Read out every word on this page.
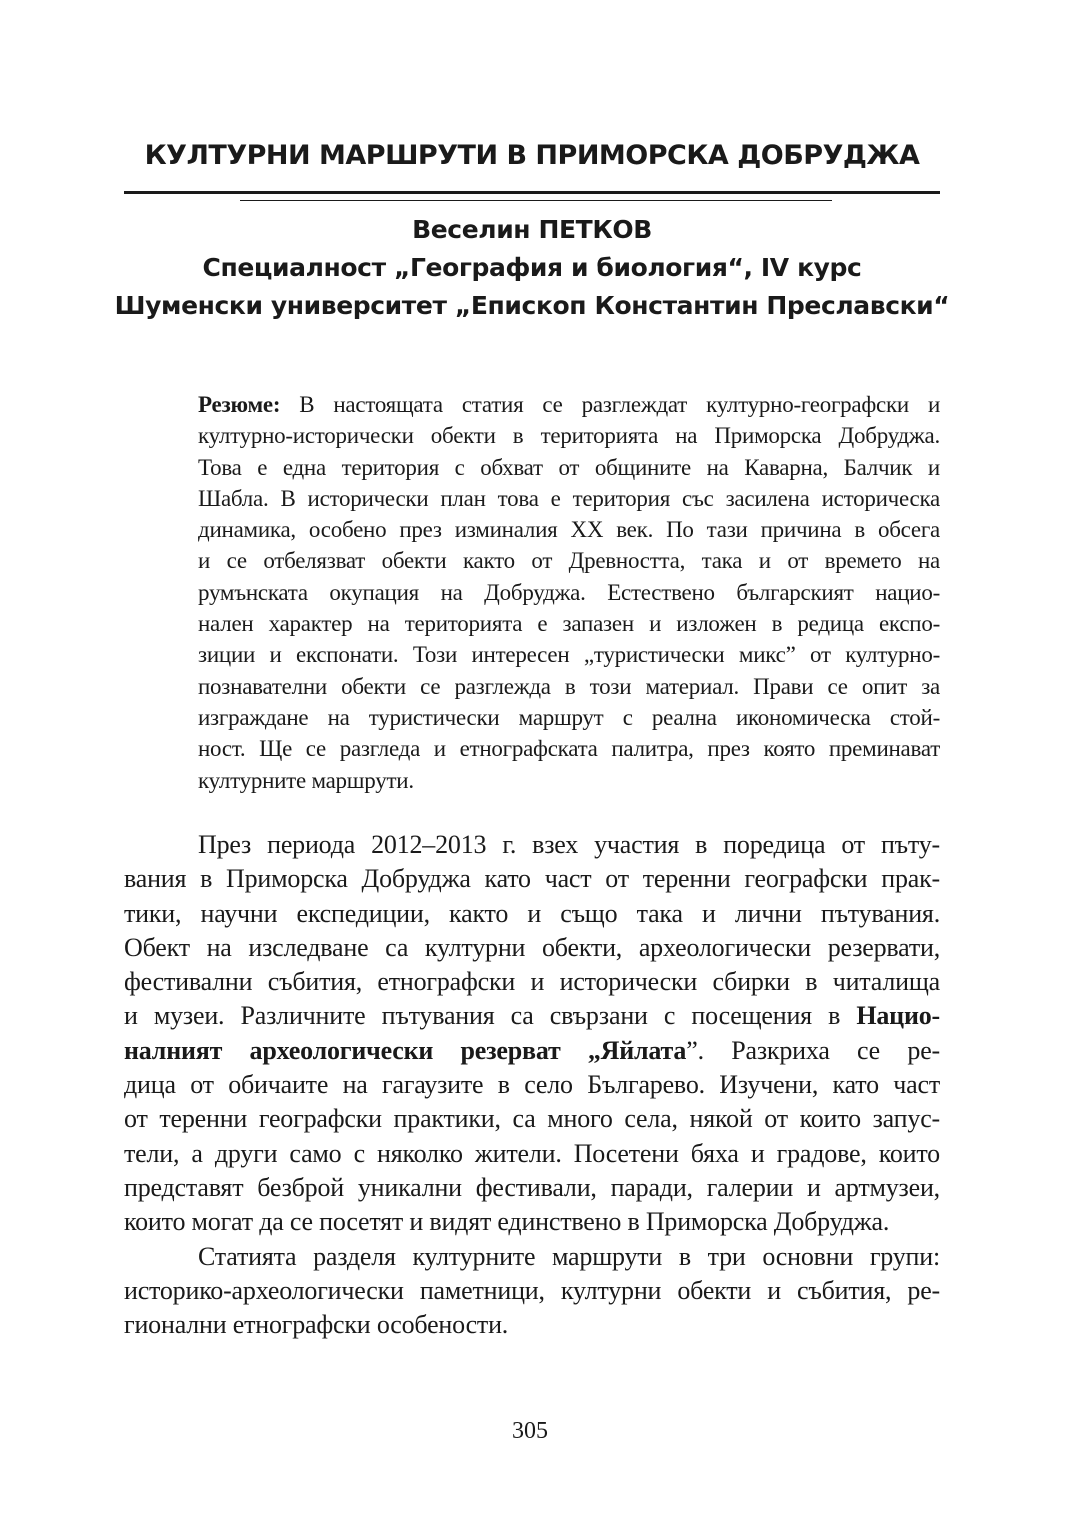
КУЛТУРНИ МАРШРУТИ В ПРИМОРСКА ДОБРУДЖА
Веселин ПЕТКОВ
Специалност „География и биология“, IV курс
Шуменски университет „Епископ Константин Преславски“
Резюме: В настоящата статия се разглеждат културно-географски и
културно-исторически обекти в територията на Приморска Добруджа.
Това е една територия с обхват от общините на Каварна, Балчик и
Шабла. В исторически план това е територия със засилена историческа
динамика, особено през изминалия ХХ век. По тази причина в обсега
и се отбелязват обекти както от Древността, така и от времето на
румънската окупация на Добруджа. Естествено българският нацио-
нален характер на територията е запазен и изложен в редица експо-
зиции и експонати. Този интересен „туристически микс” от културно-
познавателни обекти се разглежда в този материал. Прави се опит за
изграждане на туристически маршрут с реална икономическа стой-
ност. Ще се разгледа и етнографската палитра, през която преминават
културните маршрути.
През периода 2012–2013 г. взех участия в поредица от пъту-
вания в Приморска Добруджа като част от теренни географски прак-
тики, научни експедиции, както и също така и лични пътувания.
Обект на изследване са културни обекти, археологически резервати,
фестивални събития, етнографски и исторически сбирки в читалища
и музеи. Различните пътувания са свързани с посещения в Нацио-
налният археологически резерват „Яйлата”. Разкриха се ре-
дица от обичаите на гагаузите в село Българево. Изучени, като част
от теренни географски практики, са много села, някой от които запус-
тели, а други само с няколко жители. Посетени бяха и градове, които
представят безброй уникални фестивали, паради, галерии и артмузеи,
които могат да се посетят и видят единствено в Приморска Добруджа.
Статията разделя културните маршрути в три основни групи:
историко-археологически паметници, културни обекти и събития, ре-
гионални етнографски особености.
305
